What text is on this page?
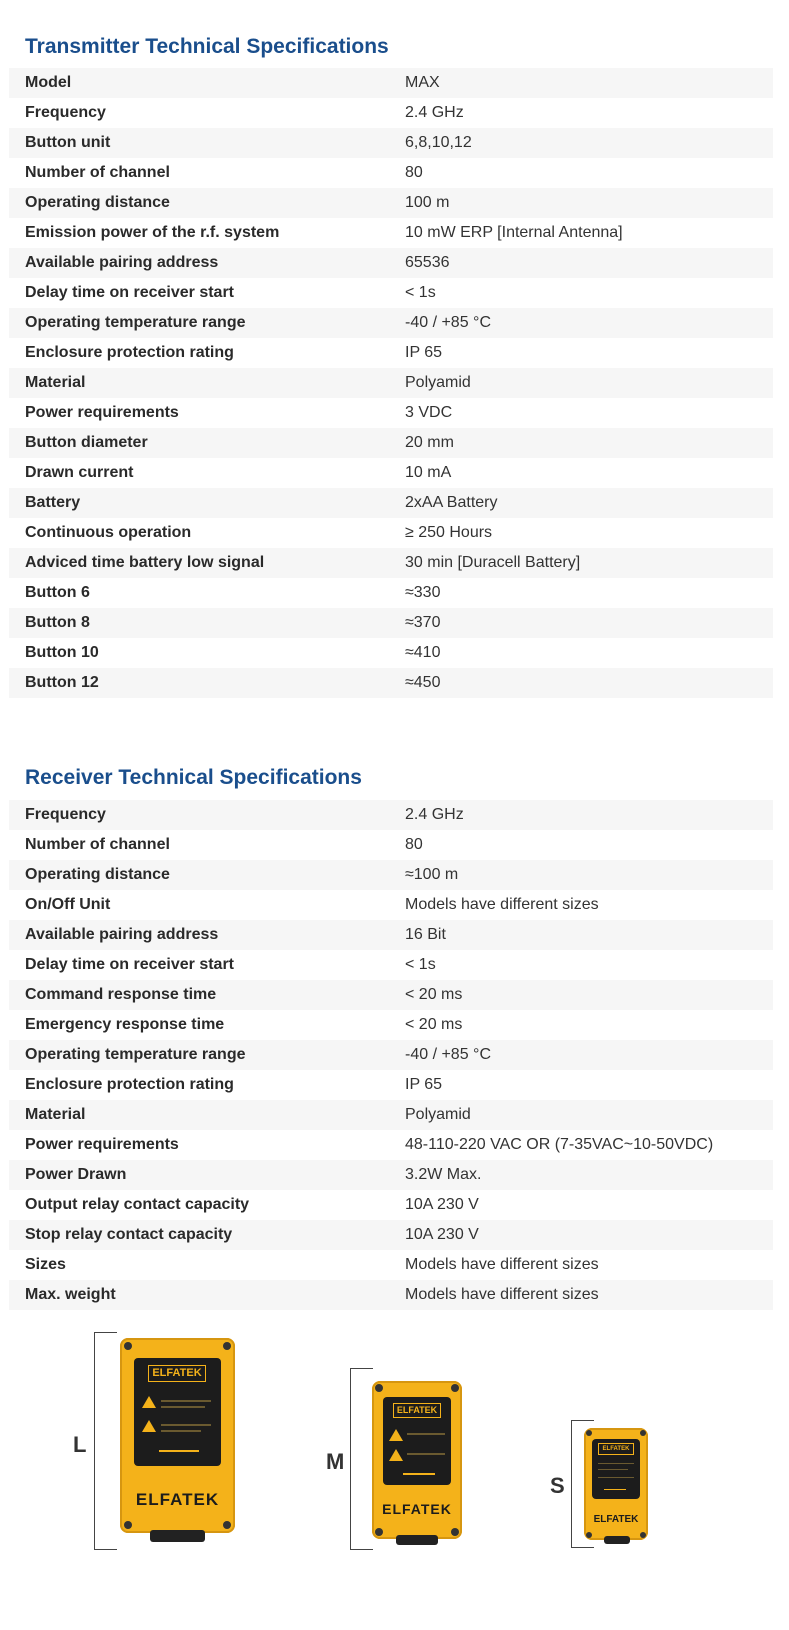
Transmitter Technical Specifications
Model	MAX
Frequency	2.4 GHz
Button unit	6,8,10,12
Number of channel	80
Operating distance	100 m
Emission power of the r.f. system	10 mW ERP [Internal Antenna]
Available pairing address	65536
Delay time on receiver start	< 1s
Operating temperature range	-40 / +85 °C
Enclosure protection rating	IP 65
Material	Polyamid
Power requirements	3 VDC
Button diameter	20 mm
Drawn current	10 mA
Battery	2xAA Battery
Continuous operation	≥ 250 Hours
Adviced time battery low signal	30 min [Duracell Battery]
Button 6	≈330
Button 8	≈370
Button 10	≈410
Button 12	≈450
Receiver Technical Specifications
Frequency	2.4 GHz
Number of channel	80
Operating distance	≈100 m
On/Off Unit	Models have different sizes
Available pairing address	16 Bit
Delay time on receiver start	< 1s
Command response time	< 20 ms
Emergency response time	< 20 ms
Operating temperature range	-40 / +85 °C
Enclosure protection rating	IP 65
Material	Polyamid
Power requirements	48-110-220 VAC OR (7-35VAC~10-50VDC)
Power Drawn	3.2W Max.
Output relay contact capacity	10A 230 V
Stop relay contact capacity	10A 230 V
Sizes	Models have different sizes
Max. weight	Models have different sizes
L
ELFATEK
ELFATEK
M
ELFATEK
ELFATEK
S
ELFATEK
ELFATEK
